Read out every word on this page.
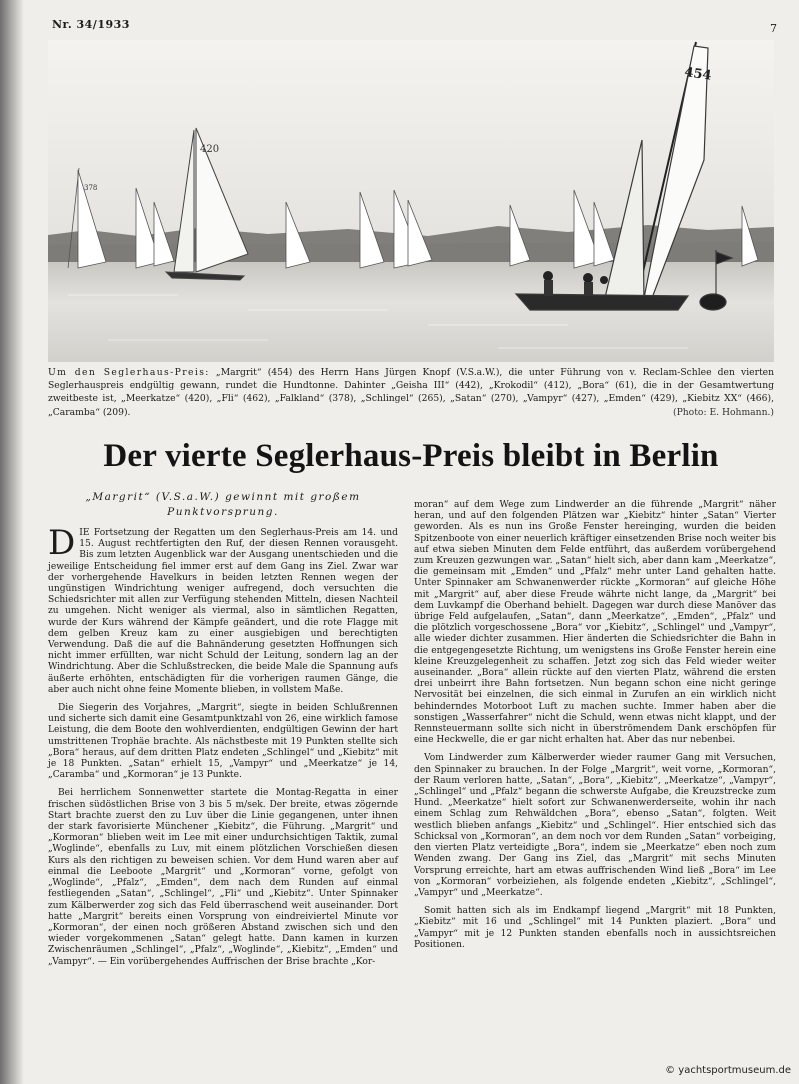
Nr. 34/1933	7
378
420
454
Um den Seglerhaus-Preis: „Margrit“ (454) des Herrn Hans Jürgen Knopf (V.S.a.W.), die unter Führung von v. Reclam-Schlee den vierten Seglerhauspreis endgültig gewann, rundet die Hundtonne. Dahinter „Geisha III“ (442), „Krokodil“ (412), „Bora“ (61), die in der Gesamtwertung zweitbeste ist, „Meerkatze“ (420), „Fli“ (462), „Falkland“ (378), „Schlingel“ (265), „Satan“ (270), „Vampyr“ (427), „Emden“ (429), „Kiebitz XX“ (466), „Caramba“ (209).	(Photo: E. Hohmann.)
Der vierte Seglerhaus-Preis bleibt in Berlin
„Margrit“ (V.S.a.W.) gewinnt mit großem Punktvorsprung.

DIE Fortsetzung der Regatten um den Seglerhaus-Preis am 14. und 15. August rechtfertigten den Ruf, der diesen Rennen vorausgeht. Bis zum letzten Augenblick war der Ausgang unentschieden und die jeweilige Entscheidung fiel immer erst auf dem Gang ins Ziel. Zwar war der vorhergehende Havelkurs in beiden letzten Rennen wegen der ungünstigen Windrichtung weniger aufregend, doch versuchten die Schiedsrichter mit allen zur Verfügung stehenden Mitteln, diesen Nachteil zu umgehen. Nicht weniger als viermal, also in sämtlichen Regatten, wurde der Kurs während der Kämpfe geändert, und die rote Flagge mit dem gelben Kreuz kam zu einer ausgiebigen und berechtigten Verwendung. Daß die auf die Bahnänderung gesetzten Hoffnungen sich nicht immer erfüllten, war nicht Schuld der Leitung, sondern lag an der Windrichtung. Aber die Schlußstrecken, die beide Male die Spannung aufs äußerte erhöhten, entschädigten für die vorherigen raumen Gänge, die aber auch nicht ohne feine Momente blieben, in vollstem Maße.

Die Siegerin des Vorjahres, „Margrit“, siegte in beiden Schlußrennen und sicherte sich damit eine Gesamtpunktzahl von 26, eine wirklich famose Leistung, die dem Boote den wohlverdienten, endgültigen Gewinn der hart umstrittenen Trophäe brachte. Als nächstbeste mit 19 Punkten stellte sich „Bora“ heraus, auf dem dritten Platz endeten „Schlingel“ und „Kiebitz“ mit je 18 Punkten. „Satan“ erhielt 15, „Vampyr“ und „Meerkatze“ je 14, „Caramba“ und „Kormoran“ je 13 Punkte.

Bei herrlichem Sonnenwetter startete die Montag-Regatta in einer frischen südöstlichen Brise von 3 bis 5 m/sek. Der breite, etwas zögernde Start brachte zuerst den zu Luv über die Linie gegangenen, unter ihnen der stark favorisierte Münchener „Kiebitz“, die Führung. „Margrit“ und „Kormoran“ blieben weit im Lee mit einer undurchsichtigen Taktik, zumal „Woglinde“, ebenfalls zu Luv, mit einem plötzlichen Vorschießen diesen Kurs als den richtigen zu beweisen schien. Vor dem Hund waren aber auf einmal die Leeboote „Margrit“ und „Kormoran“ vorne, gefolgt von „Woglinde“, „Pfalz“, „Emden“, dem nach dem Runden auf einmal festliegenden „Satan“, „Schlingel“, „Fli“ und „Kiebitz“. Unter Spinnaker zum Kälberwerder zog sich das Feld überraschend weit auseinander. Dort hatte „Margrit“ bereits einen Vorsprung von eindreiviertel Minute vor „Kormoran“, der einen noch größeren Abstand zwischen sich und den wieder vorgekommenen „Satan“ gelegt hatte. Dann kamen in kurzen Zwischenräumen „Schlingel“, „Pfalz“, „Woglinde“, „Kiebitz“, „Emden“ und „Vampyr“. — Ein vorübergehendes Auffrischen der Brise brachte „Kor-

moran“ auf dem Wege zum Lindwerder an die führende „Margrit“ näher heran, und auf den folgenden Plätzen war „Kiebitz“ hinter „Satan“ Vierter geworden. Als es nun ins Große Fenster hereinging, wurden die beiden Spitzenboote von einer neuerlich kräftiger einsetzenden Brise noch weiter bis auf etwa sieben Minuten dem Felde entführt, das außerdem vorübergehend zum Kreuzen gezwungen war. „Satan“ hielt sich, aber dann kam „Meerkatze“, die gemeinsam mit „Emden“ und „Pfalz“ mehr unter Land gehalten hatte. Unter Spinnaker am Schwanenwerder rückte „Kormoran“ auf gleiche Höhe mit „Margrit“ auf, aber diese Freude währte nicht lange, da „Margrit“ bei dem Luvkampf die Oberhand behielt. Dagegen war durch diese Manöver das übrige Feld aufgelaufen, „Satan“, dann „Meerkatze“, „Emden“, „Pfalz“ und die plötzlich vorgeschossene „Bora“ vor „Kiebitz“, „Schlingel“ und „Vampyr“, alle wieder dichter zusammen. Hier änderten die Schiedsrichter die Bahn in die entgegengesetzte Richtung, um wenigstens ins Große Fenster herein eine kleine Kreuzgelegenheit zu schaffen. Jetzt zog sich das Feld wieder weiter auseinander. „Bora“ allein rückte auf den vierten Platz, während die ersten drei unbeirrt ihre Bahn fortsetzen. Nun begann schon eine nicht geringe Nervosität bei einzelnen, die sich einmal in Zurufen an ein wirklich nicht behinderndes Motorboot Luft zu machen suchte. Immer haben aber die sonstigen „Wasserfahrer“ nicht die Schuld, wenn etwas nicht klappt, und der Rennsteuermann sollte sich nicht in überströmendem Dank erschöpfen für eine Heckwelle, die er gar nicht erhalten hat. Aber das nur nebenbei.

Vom Lindwerder zum Kälberwerder wieder raumer Gang mit Versuchen, den Spinnaker zu brauchen. In der Folge „Margrit“, weit vorne, „Kormoran“, der Raum verloren hatte, „Satan“, „Bora“, „Kiebitz“, „Meerkatze“, „Vampyr“, „Schlingel“ und „Pfalz“ begann die schwerste Aufgabe, die Kreuzstrecke zum Hund. „Meerkatze“ hielt sofort zur Schwanenwerderseite, wohin ihr nach einem Schlag zum Rehwäldchen „Bora“, ebenso „Satan“, folgten. Weit westlich blieben anfangs „Kiebitz“ und „Schlingel“. Hier entschied sich das Schicksal von „Kormoran“, an dem noch vor dem Runden „Satan“ vorbeiging, den vierten Platz verteidigte „Bora“, indem sie „Meerkatze“ eben noch zum Wenden zwang. Der Gang ins Ziel, das „Margrit“ mit sechs Minuten Vorsprung erreichte, hart am etwas auffrischenden Wind ließ „Bora“ im Lee von „Kormoran“ vorbeiziehen, als folgende endeten „Kiebitz“, „Schlingel“, „Vampyr“ und „Meerkatze“.

Somit hatten sich als im Endkampf liegend „Margrit“ mit 18 Punkten, „Kiebitz“ mit 16 und „Schlingel“ mit 14 Punkten plaziert. „Bora“ und „Vampyr“ mit je 12 Punkten standen ebenfalls noch in aussichtsreichen Positionen.

© yachtsportmuseum.de
